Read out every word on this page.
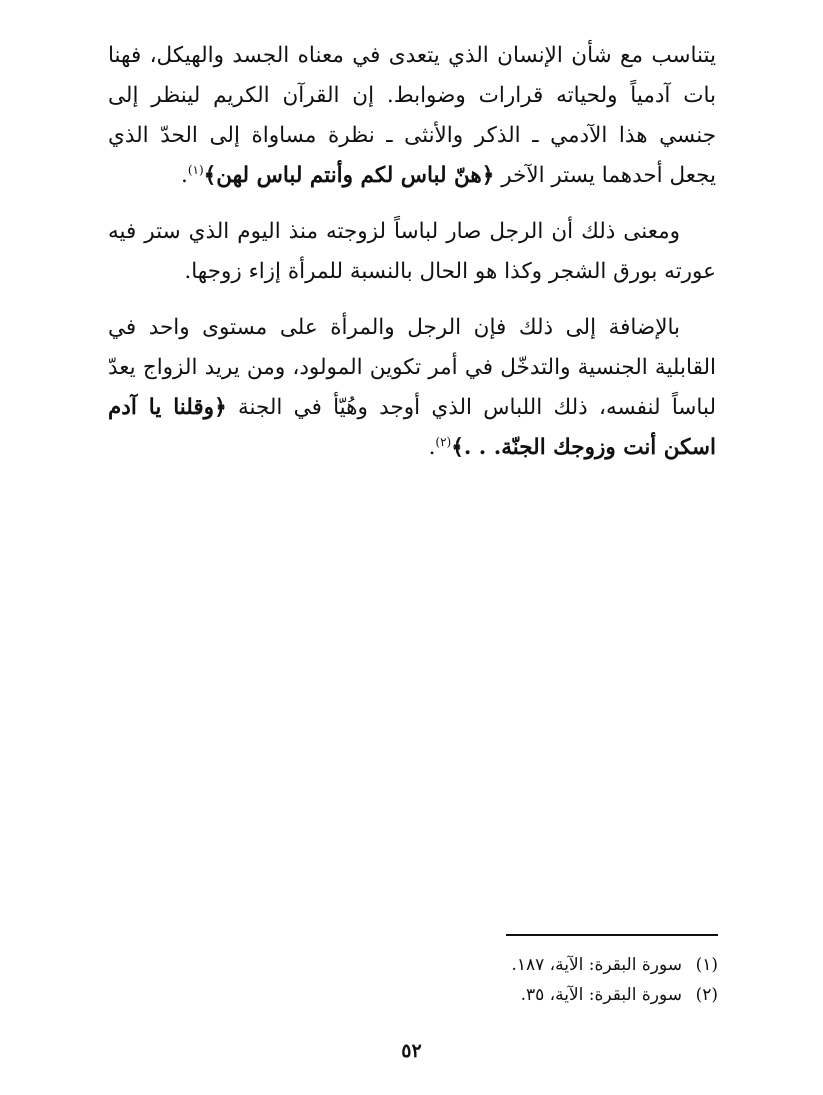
يتناسب مع شأن الإنسان الذي يتعدى في معناه الجسد والهيكل، فهنا بات آدمياً ولحياته قرارات وضوابط. إن القرآن الكريم لينظر إلى جنسي هذا الآدمي ـ الذكر والأنثى ـ نظرة مساواة إلى الحدّ الذي يجعل أحدهما يستر الآخر ﴿هنّ لباس لكم وأنتم لباس لهن﴾$^{(١)}$.

ومعنى ذلك أن الرجل صار لباساً لزوجته منذ اليوم الذي ستر فيه عورته بورق الشجر وكذا هو الحال بالنسبة للمرأة إزاء زوجها.

بالإضافة إلى ذلك فإن الرجل والمرأة على مستوى واحد في القابلية الجنسية والتدخّل في أمر تكوين المولود، ومن يريد الزواج يعدّ لباساً لنفسه، ذلك اللباس الذي أوجد وهُيّأ في الجنة ﴿وقلنا يا آدم اسكن أنت وزوجك الجنّة. . .﴾$^{(٢)}$.

(١)سورة البقرة: الآية، ١٨٧.
(٢)سورة البقرة: الآية، ٣٥.
٥٢
